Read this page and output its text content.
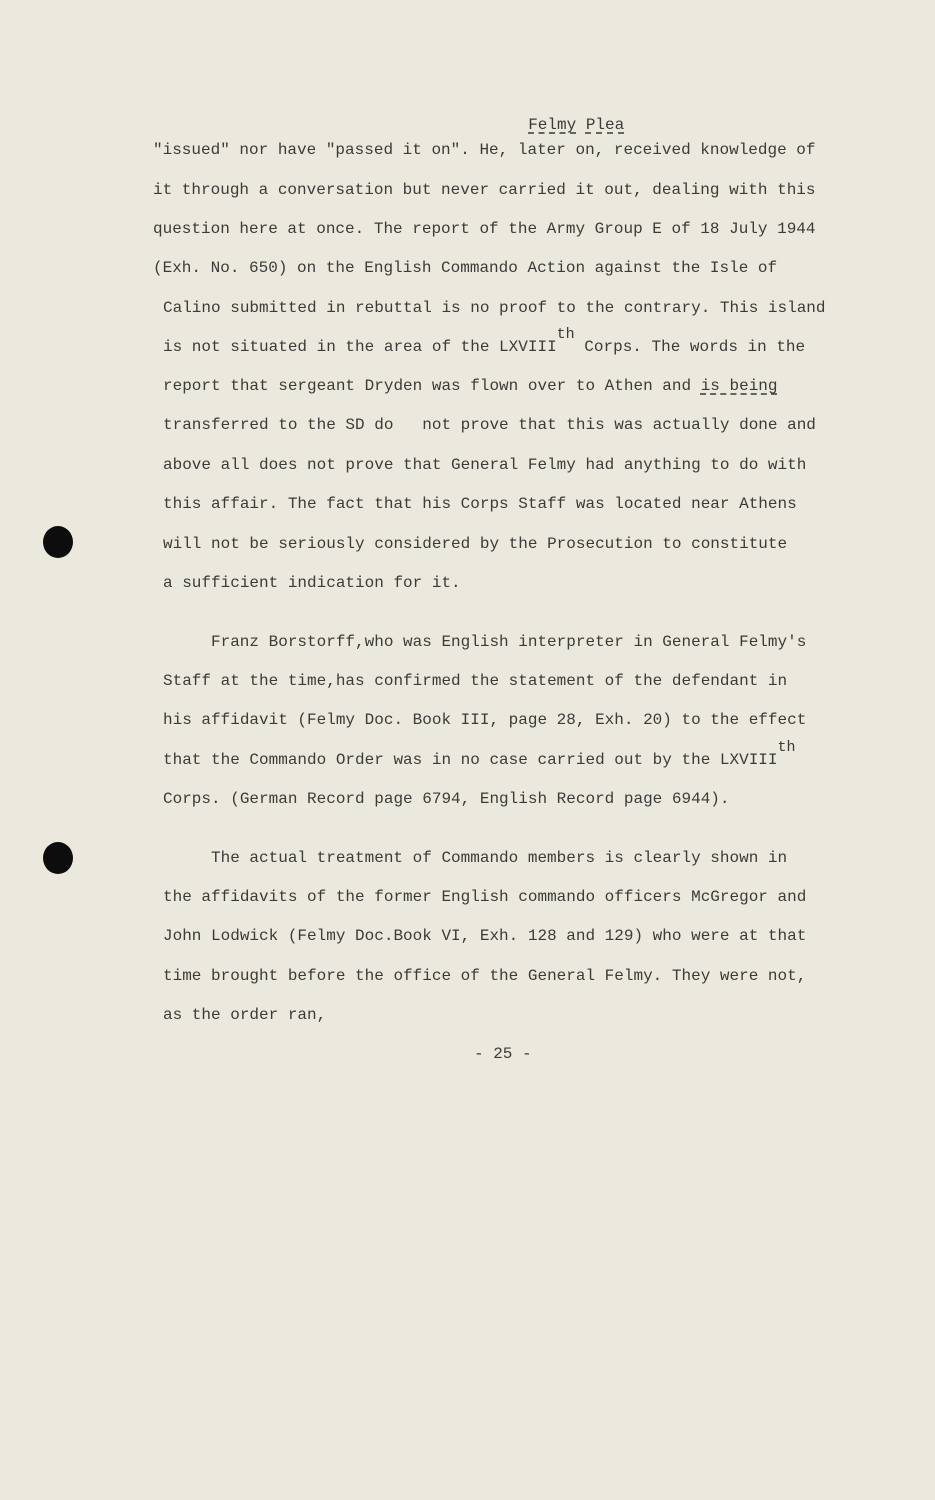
Felmy Plea

"issued" nor have "passed it on". He, later on, received knowledge of
it through a conversation but never carried it out, dealing with this
question here at once. The report of the Army Group E of 18 July 1944
(Exh. No. 650) on the English Commando Action against the Isle of
Calino submitted in rebuttal is no proof to the contrary. This island
is not situated in the area of the LXVIIIth Corps. The words in the
report that sergeant Dryden was flown over to Athen and is being
transferred to the SD do   not prove that this was actually done and
above all does not prove that General Felmy had anything to do with
this affair. The fact that his Corps Staff was located near Athens
will not be seriously considered by the Prosecution to constitute
a sufficient indication for it.
Franz Borstorff,who was English interpreter in General Felmy's
Staff at the time,has confirmed the statement of the defendant in
his affidavit (Felmy Doc. Book III, page 28, Exh. 20) to the effect
that the Commando Order was in no case carried out by the LXVIIIth
Corps. (German Record page 6794, English Record page 6944).
The actual treatment of Commando members is clearly shown in
the affidavits of the former English commando officers McGregor and
John Lodwick (Felmy Doc.Book VI, Exh. 128 and 129) who were at that
time brought before the office of the General Felmy. They were not,
as the order ran,
- 25 -
